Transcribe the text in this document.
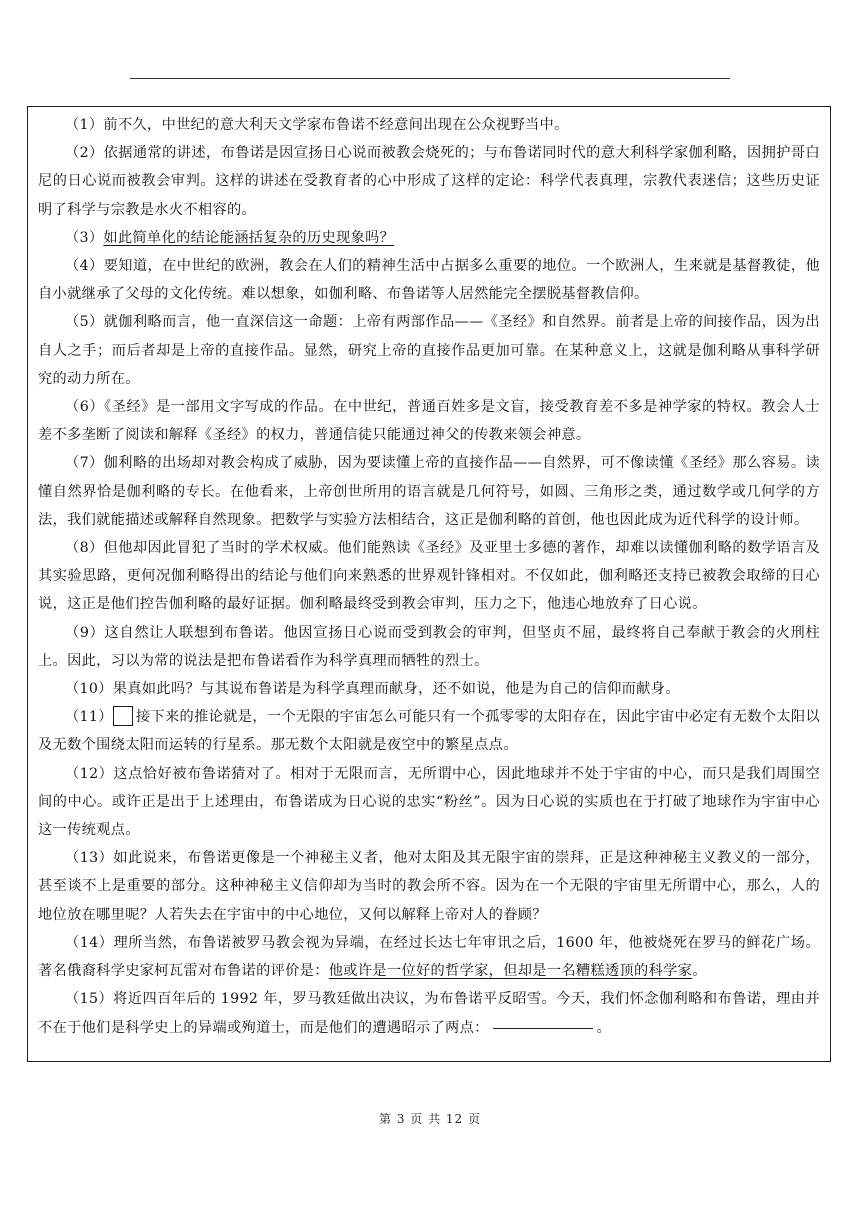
（1）前不久，中世纪的意大利天文学家布鲁诺不经意间出现在公众视野当中。

（2）依据通常的讲述，布鲁诺是因宣扬日心说而被教会烧死的；与布鲁诺同时代的意大利科学家伽利略，因拥护哥白尼的日心说而被教会审判。这样的讲述在受教育者的心中形成了这样的定论：科学代表真理，宗教代表迷信；这些历史证明了科学与宗教是水火不相容的。

（3）如此简单化的结论能涵括复杂的历史现象吗？

（4）要知道，在中世纪的欧洲，教会在人们的精神生活中占据多么重要的地位。一个欧洲人，生来就是基督教徒，他自小就继承了父母的文化传统。难以想象，如伽利略、布鲁诺等人居然能完全摆脱基督教信仰。

（5）就伽利略而言，他一直深信这一命题：上帝有两部作品——《圣经》和自然界。前者是上帝的间接作品，因为出自人之手；而后者却是上帝的直接作品。显然，研究上帝的直接作品更加可靠。在某种意义上，这就是伽利略从事科学研究的动力所在。

（6）《圣经》是一部用文字写成的作品。在中世纪，普通百姓多是文盲，接受教育差不多是神学家的特权。教会人士差不多垄断了阅读和解释《圣经》的权力，普通信徒只能通过神父的传教来领会神意。

（7）伽利略的出场却对教会构成了威胁，因为要读懂上帝的直接作品——自然界，可不像读懂《圣经》那么容易。读懂自然界恰是伽利略的专长。在他看来，上帝创世所用的语言就是几何符号，如圆、三角形之类，通过数学或几何学的方法，我们就能描述或解释自然现象。把数学与实验方法相结合，这正是伽利略的首创，他也因此成为近代科学的设计师。

（8）但他却因此冒犯了当时的学术权威。他们能熟读《圣经》及亚里士多德的著作，却难以读懂伽利略的数学语言及其实验思路，更何况伽利略得出的结论与他们向来熟悉的世界观针锋相对。不仅如此，伽利略还支持已被教会取缔的日心说，这正是他们控告伽利略的最好证据。伽利略最终受到教会审判，压力之下，他违心地放弃了日心说。

（9）这自然让人联想到布鲁诺。他因宣扬日心说而受到教会的审判，但坚贞不屈，最终将自己奉献于教会的火刑柱上。因此，习以为常的说法是把布鲁诺看作为科学真理而牺牲的烈士。

（10）果真如此吗？与其说布鲁诺是为科学真理而献身，还不如说，他是为自己的信仰而献身。

（11） 接下来的推论就是，一个无限的宇宙怎么可能只有一个孤零零的太阳存在，因此宇宙中必定有无数个太阳以及无数个围绕太阳而运转的行星系。那无数个太阳就是夜空中的繁星点点。

（12）这点恰好被布鲁诺猜对了。相对于无限而言，无所谓中心，因此地球并不处于宇宙的中心，而只是我们周围空间的中心。或许正是出于上述理由，布鲁诺成为日心说的忠实“粉丝”。因为日心说的实质也在于打破了地球作为宇宙中心这一传统观点。

（13）如此说来，布鲁诺更像是一个神秘主义者，他对太阳及其无限宇宙的崇拜，正是这种神秘主义教义的一部分，甚至谈不上是重要的部分。这种神秘主义信仰却为当时的教会所不容。因为在一个无限的宇宙里无所谓中心，那么，人的地位放在哪里呢？人若失去在宇宙中的中心地位，又何以解释上帝对人的眷顾？

（14）理所当然，布鲁诺被罗马教会视为异端，在经过长达七年审讯之后，1600 年，他被烧死在罗马的鲜花广场。著名俄裔科学史家柯瓦雷对布鲁诺的评价是：他或许是一位好的哲学家，但却是一名糟糕透顶的科学家。

（15）将近四百年后的 1992 年，罗马教廷做出决议，为布鲁诺平反昭雪。今天，我们怀念伽利略和布鲁诺，理由并不在于他们是科学史上的异端或殉道士，而是他们的遭遇昭示了两点：	。

第 3 页 共 12 页
